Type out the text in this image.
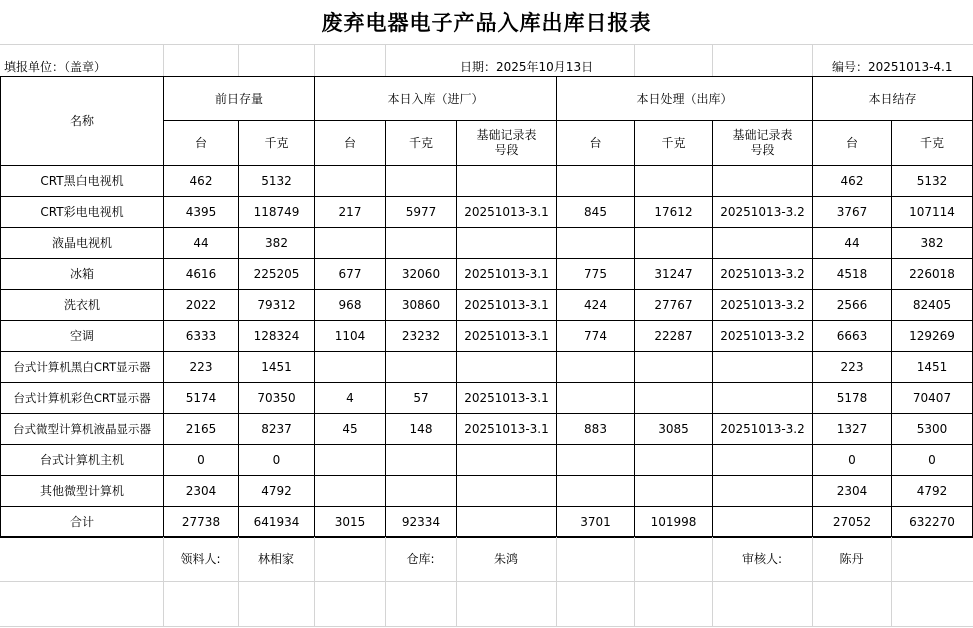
废弃电器电子产品入库出库日报表
填报单位：（盖章）	日期：2025年10月13日	编号：20251013-4.1
名称	前日存量		本日入库（进厂）			本日处理（出库）			本日结存	
	台	千克	台	千克	基础记录表号段	台	千克	基础记录表号段	台	千克
CRT黑白电视机	462	5132							462	5132
CRT彩电电视机	4395	118749	217	5977	20251013-3.1	845	17612	20251013-3.2	3767	107114
液晶电视机	44	382							44	382
冰箱	4616	225205	677	32060	20251013-3.1	775	31247	20251013-3.2	4518	226018
洗衣机	2022	79312	968	30860	20251013-3.1	424	27767	20251013-3.2	2566	82405
空调	6333	128324	1104	23232	20251013-3.1	774	22287	20251013-3.2	6663	129269
台式计算机黑白CRT显示器	223	1451							223	1451
台式计算机彩色CRT显示器	5174	70350	4	57	20251013-3.1				5178	70407
台式微型计算机液晶显示器	2165	8237	45	148	20251013-3.1	883	3085	20251013-3.2	1327	5300
台式计算机主机	0	0							0	0
其他微型计算机	2304	4792							2304	4792
合计	27738	641934	3015	92334		3701	101998		27052	632270
	领料人:	林相家		仓库:	朱鸿			审核人:	陈丹	
